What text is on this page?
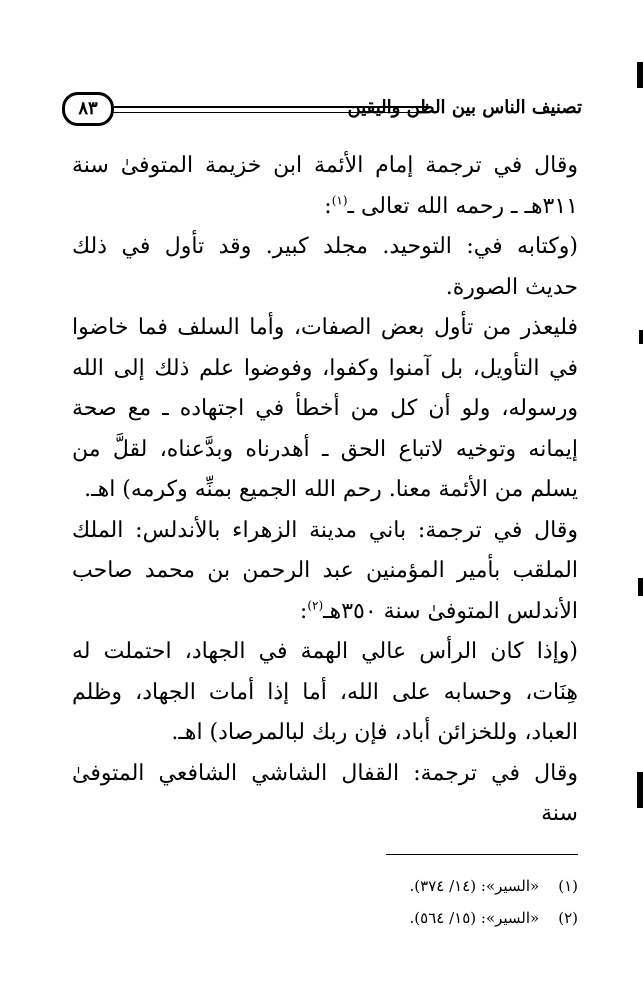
تصنيف الناس بين الظن واليقين
٨٣

وقال في ترجمة إمام الأئمة ابن خزيمة المتوفىٰ سنة ٣١١هـ ـ رحمه الله تعالى ـ$^{(١)}$:

(وكتابه في: التوحيد. مجلد كبير. وقد تأول في ذلك حديث الصورة.

فليعذر من تأول بعض الصفات، وأما السلف فما خاضوا في التأويل، بل آمنوا وكفوا، وفوضوا علم ذلك إلى الله ورسوله، ولو أن كل من أخطأ في اجتهاده ـ مع صحة إيمانه وتوخيه لاتباع الحق ـ أهدرناه وبدَّعناه، لقلَّ من يسلم من الأئمة معنا. رحم الله الجميع بمنِّه وكرمه) اهـ.

وقال في ترجمة: باني مدينة الزهراء بالأندلس: الملك الملقب بأمير المؤمنين عبد الرحمن بن محمد صاحب الأندلس المتوفىٰ سنة ٣٥٠هـ$^{(٢)}$:

(وإذا كان الرأس عالي الهمة في الجهاد، احتملت له هِنَات، وحسابه على الله، أما إذا أمات الجهاد، وظلم العباد، وللخزائن أباد، فإن ربك لبالمرصاد) اهـ.

وقال في ترجمة: القفال الشاشي الشافعي المتوفىٰ سنة

(١) «السير»: (١٤/ ٣٧٤).
(٢) «السير»: (١٥/ ٥٦٤).
